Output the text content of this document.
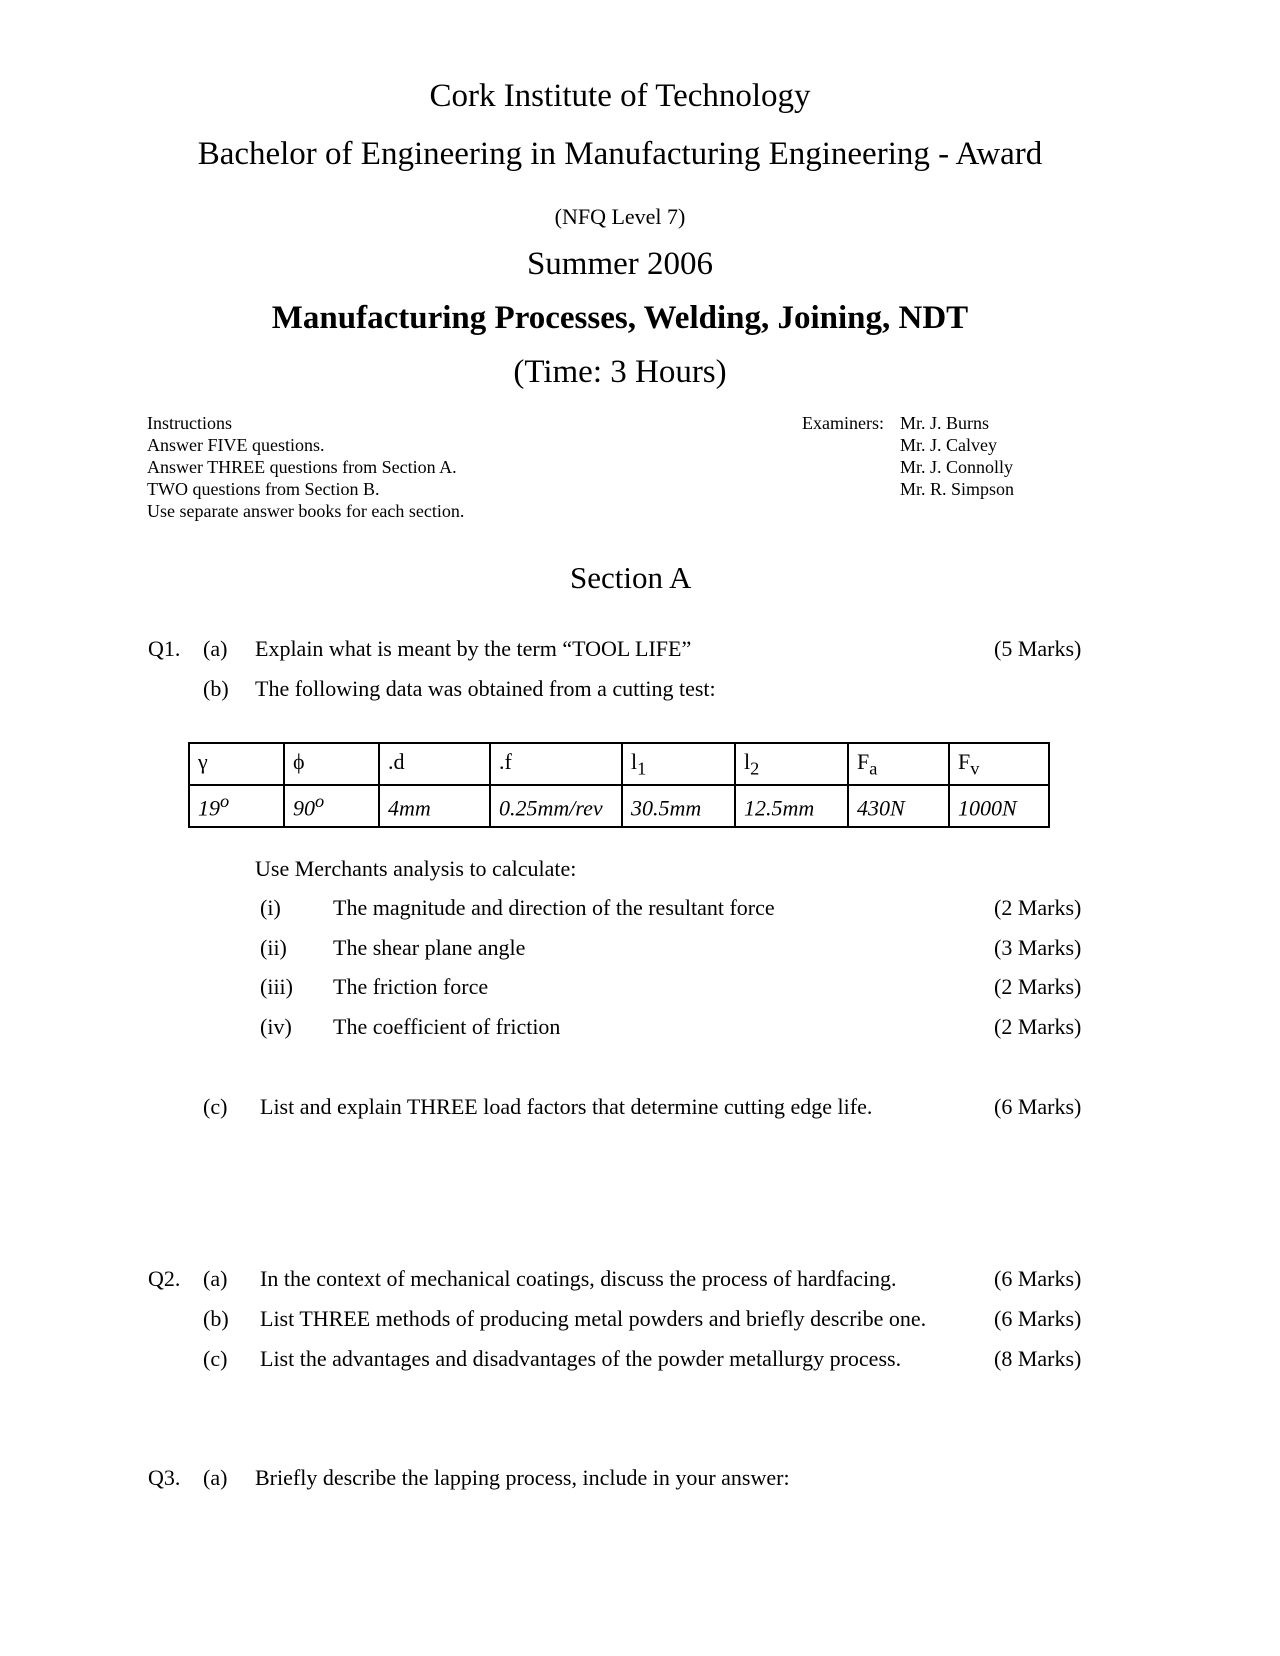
Cork Institute of Technology
Bachelor of Engineering in Manufacturing Engineering - Award
(NFQ Level 7)
Summer 2006
Manufacturing Processes, Welding, Joining, NDT
(Time: 3 Hours)
Instructions
Answer FIVE questions.
Answer THREE questions from Section A.
TWO questions from Section B.
Use separate answer books for each section.
Examiners: Mr. J. Burns
Mr. J. Calvey
Mr. J. Connolly
Mr. R. Simpson
Section A
Q1. (a) Explain what is meant by the term “TOOL LIFE”	(5 Marks)
(b) The following data was obtained from a cutting test:
γ	ϕ	.d	.f	$l_1$	$l_2$	$F_a$	$F_v$
19$^o$	90$^o$	4mm	0.25mm/rev	30.5mm	12.5mm	430N	1000N
Use Merchants analysis to calculate:
(i) The magnitude and direction of the resultant force	(2 Marks)
(ii) The shear plane angle	(3 Marks)
(iii) The friction force	(2 Marks)
(iv) The coefficient of friction	(2 Marks)
(c) List and explain THREE load factors that determine cutting edge life.	(6 Marks)
Q2. (a) In the context of mechanical coatings, discuss the process of hardfacing.	(6 Marks)
(b) List THREE methods of producing metal powders and briefly describe one.	(6 Marks)
(c) List the advantages and disadvantages of the powder metallurgy process.	(8 Marks)
Q3. (a) Briefly describe the lapping process, include in your answer:
